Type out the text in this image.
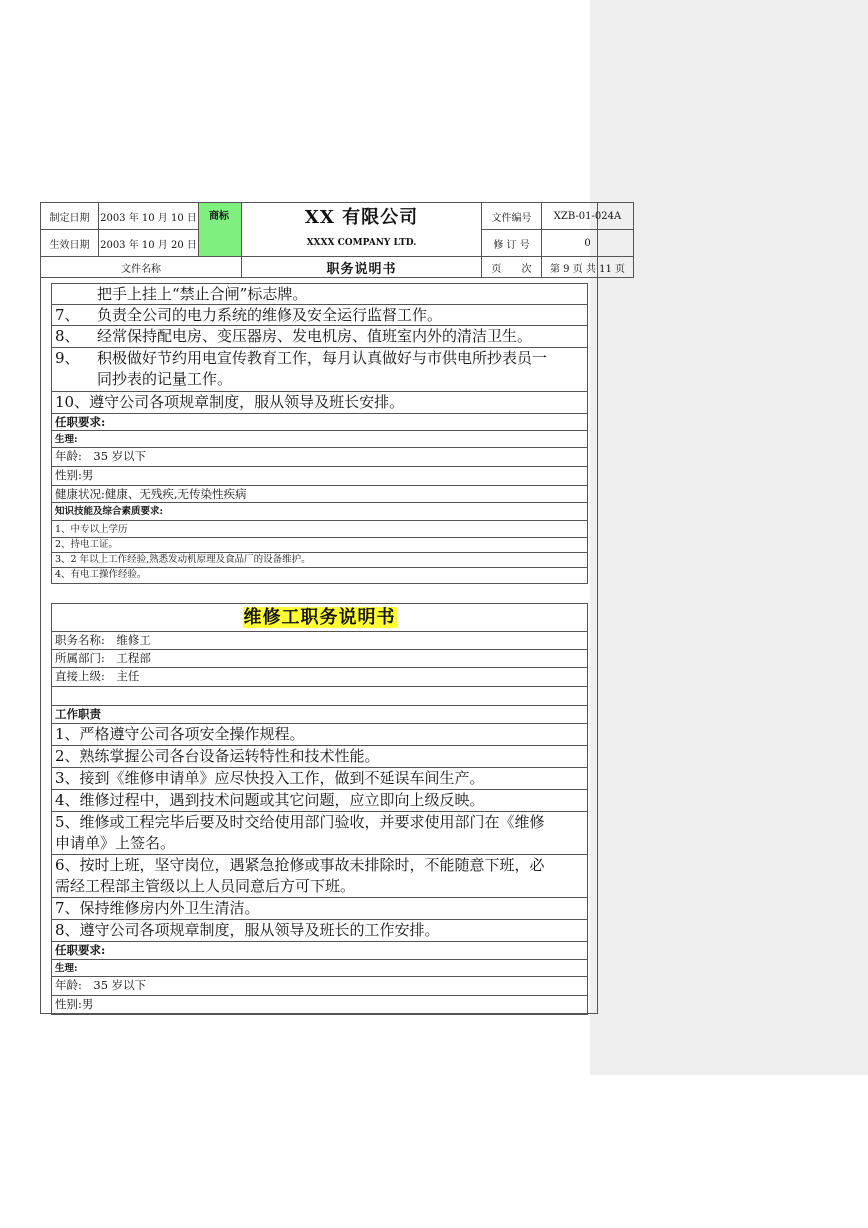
制定日期	2003 年 10 月 10 日	商标	XX 有限公司	文件编号	XZB-01-024A
生效日期	2003 年 10 月 20 日		XXXX COMPANY LTD.	修 订 号	0
文件名称			职务说明书	页　　次	第 9 页 共 11 页
把手上挂上“禁止合闸”标志牌。
7、 负责全公司的电力系统的维修及安全运行监督工作。
8、 经常保持配电房、变压器房、发电机房、值班室内外的清洁卫生。
9、 积极做好节约用电宣传教育工作，每月认真做好与市供电所抄表员一
同抄表的记量工作。
10、遵守公司各项规章制度，服从领导及班长安排。
任职要求:
生理:
年龄:　35 岁以下
性别:男
健康状况:健康、无残疾,无传染性疾病
知识技能及综合素质要求:
1、中专以上学历
2、持电工证。
3、2 年以上工作经验,熟悉发动机原理及食品厂的设备维护。
4、有电工操作经验。
维修工职务说明书
职务名称:　维修工
所属部门:　工程部
直接上级:　主任
工作职责
1、严格遵守公司各项安全操作规程。
2、熟练掌握公司各台设备运转特性和技术性能。
3、接到《维修申请单》应尽快投入工作，做到不延误车间生产。
4、维修过程中，遇到技术问题或其它问题，应立即向上级反映。
5、维修或工程完毕后要及时交给使用部门验收，并要求使用部门在《维修
申请单》上签名。
6、按时上班，坚守岗位，遇紧急抢修或事故未排除时，不能随意下班，必
需经工程部主管级以上人员同意后方可下班。
7、保持维修房内外卫生清洁。
8、遵守公司各项规章制度，服从领导及班长的工作安排。
任职要求:
生理:
年龄:　35 岁以下
性别:男
